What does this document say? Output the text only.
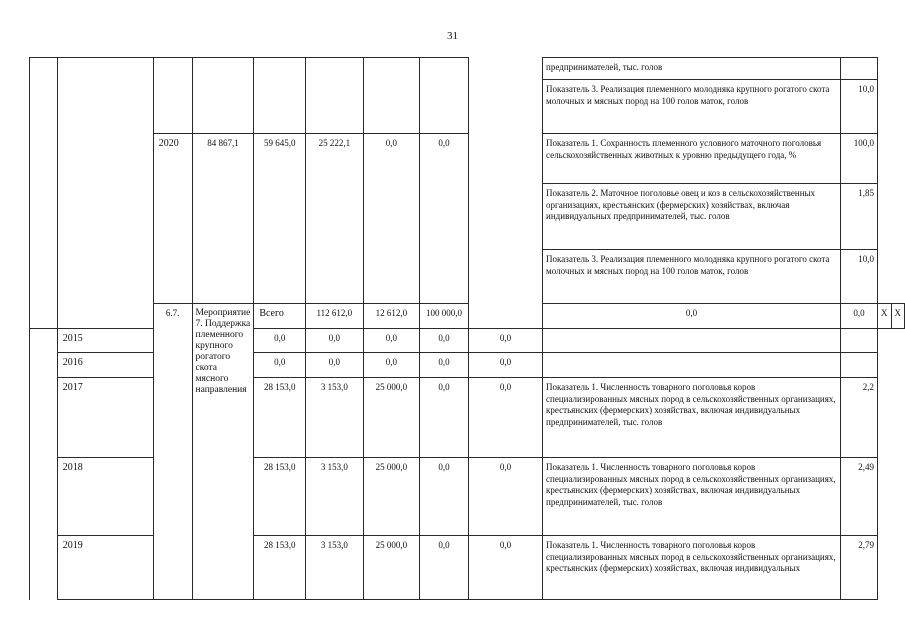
31
									предпринимателей, тыс. голов			
									Показатель 3. Реализация племенного молодняка крупного рогатого скота молочных и мясных пород на 100 голов маток, голов	10,0		
		2020	84 867,1	59 645,0	25 222,1	0,0	0,0		Показатель 1. Сохранность племенного условного маточного поголовья сельскохозяйственных животных к уровню предыдущего года, %	100,0		
									Показатель 2. Маточное поголовье овец и коз в сельскохозяйственных организациях, крестьянских (фермерских) хозяйствах, включая индивидуальных предпринимателей, тыс. голов	1,85		
									Показатель 3. Реализация племенного молодняка крупного рогатого скота молочных и мясных пород на 100 голов маток, голов	10,0		
		6.7.	Мероприятие 7. Поддержка племенного крупного рогатого скота мясного направления	Всего	112 612,0	12 612,0	100 000,0		0,0	0,0	Х	Х
	2015			0,0	0,0	0,0	0,0	0,0				
	2016			0,0	0,0	0,0	0,0	0,0				
	2017			28 153,0	3 153,0	25 000,0	0,0	0,0	Показатель 1. Численность товарного поголовья коров специализированных мясных пород в сельскохозяйственных организациях, крестьянских (фермерских) хозяйствах, включая индивидуальных предпринимателей, тыс. голов	2,2		
	2018			28 153,0	3 153,0	25 000,0	0,0	0,0	Показатель 1. Численность товарного поголовья коров специализированных мясных пород в сельскохозяйственных организациях, крестьянских (фермерских) хозяйствах, включая индивидуальных предпринимателей, тыс. голов	2,49		
	2019			28 153,0	3 153,0	25 000,0	0,0	0,0	Показатель 1. Численность товарного поголовья коров специализированных мясных пород в сельскохозяйственных организациях, крестьянских (фермерских) хозяйствах, включая индивидуальных	2,79		
